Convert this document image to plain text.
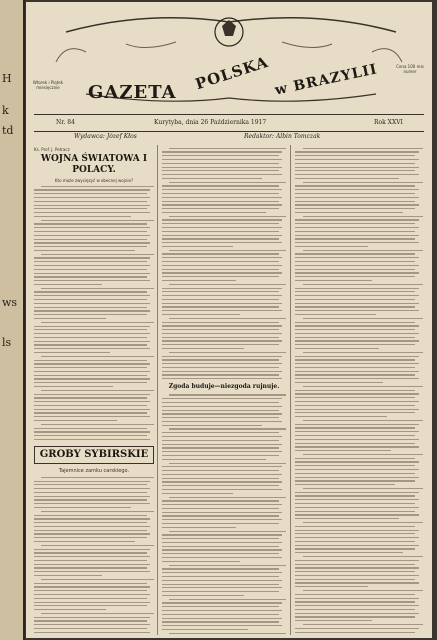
H
k
td
ws
ls
Wtorek i Piątek
miesięcznie
Cena 100 reis
numer
GAZETA POLSKA w BRAZYLII
Nr. 84	Kurytyba, dnia 26 Października 1917	Rok XXVI
Wydawca: Józef Kłos	Redaktor: Albin Tomczak
Ks. Prof. J. Petracz
WOJNA ŚWIATOWA I POLACY.
Kto może zwycięzyć w obecnej wojnie?
GROBY SYBIRSKIE
Tajemnice zamku carskiego.
Zgoda buduje—niezgoda rujnuje.
